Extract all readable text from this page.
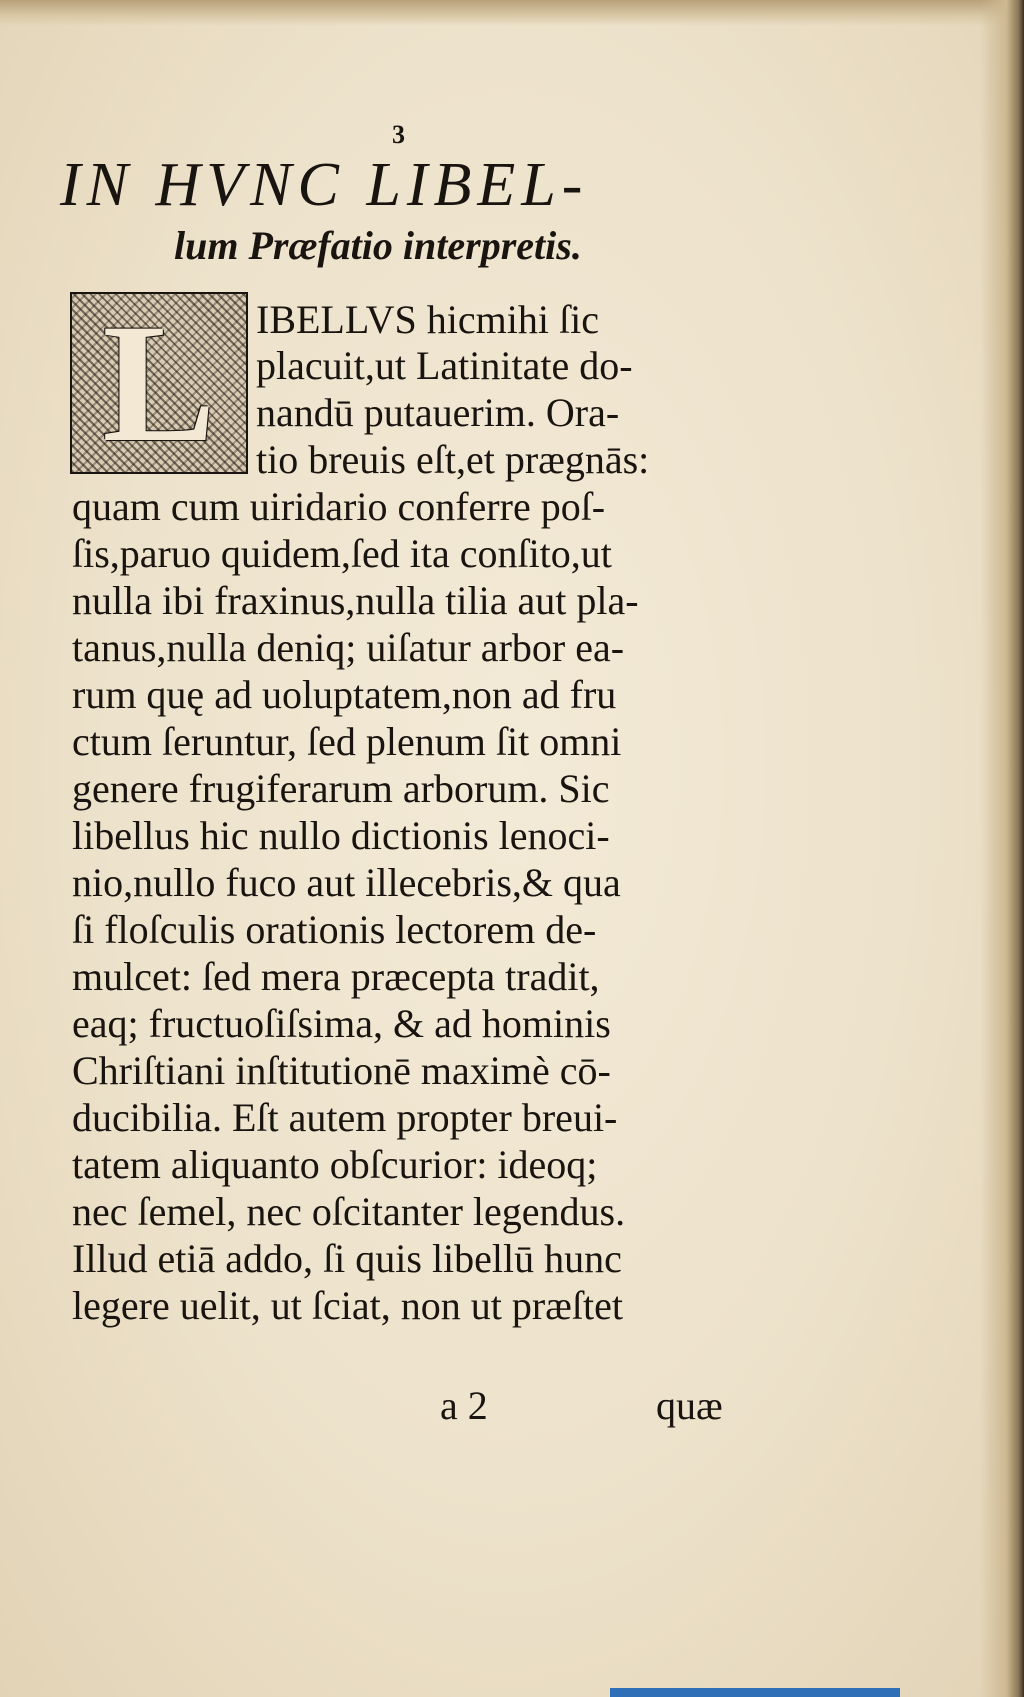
3
IN HVNC LIBEL-
lum Præfatio interpretis.
L	IBELLVS hicmihi ſic
placuit,ut Latinitate do-
nandū putauerim. Ora-
tio breuis eſt,et prægnās:
quam cum uiridario conferre poſ-
ſis,paruo quidem,ſed ita conſito,ut
nulla ibi fraxinus,nulla tilia aut pla-
tanus,nulla deniq; uiſatur arbor ea-
rum quę ad uoluptatem,non ad fru
ctum ſeruntur, ſed plenum ſit omni
genere frugiferarum arborum. Sic
libellus hic nullo dictionis lenoci-
nio,nullo fuco aut illecebris,& qua
ſi floſculis orationis lectorem de-
mulcet: ſed mera præcepta tradit,
eaq; fructuoſiſsima, & ad hominis
Chriſtiani inſtitutionē maximè cō-
ducibilia. Eſt autem propter breui-
tatem aliquanto obſcurior: ideoq;
nec ſemel, nec oſcitanter legendus.
Illud etiā addo, ſi quis libellū hunc
legere uelit, ut ſciat, non ut præſtet
a 2	quæ
